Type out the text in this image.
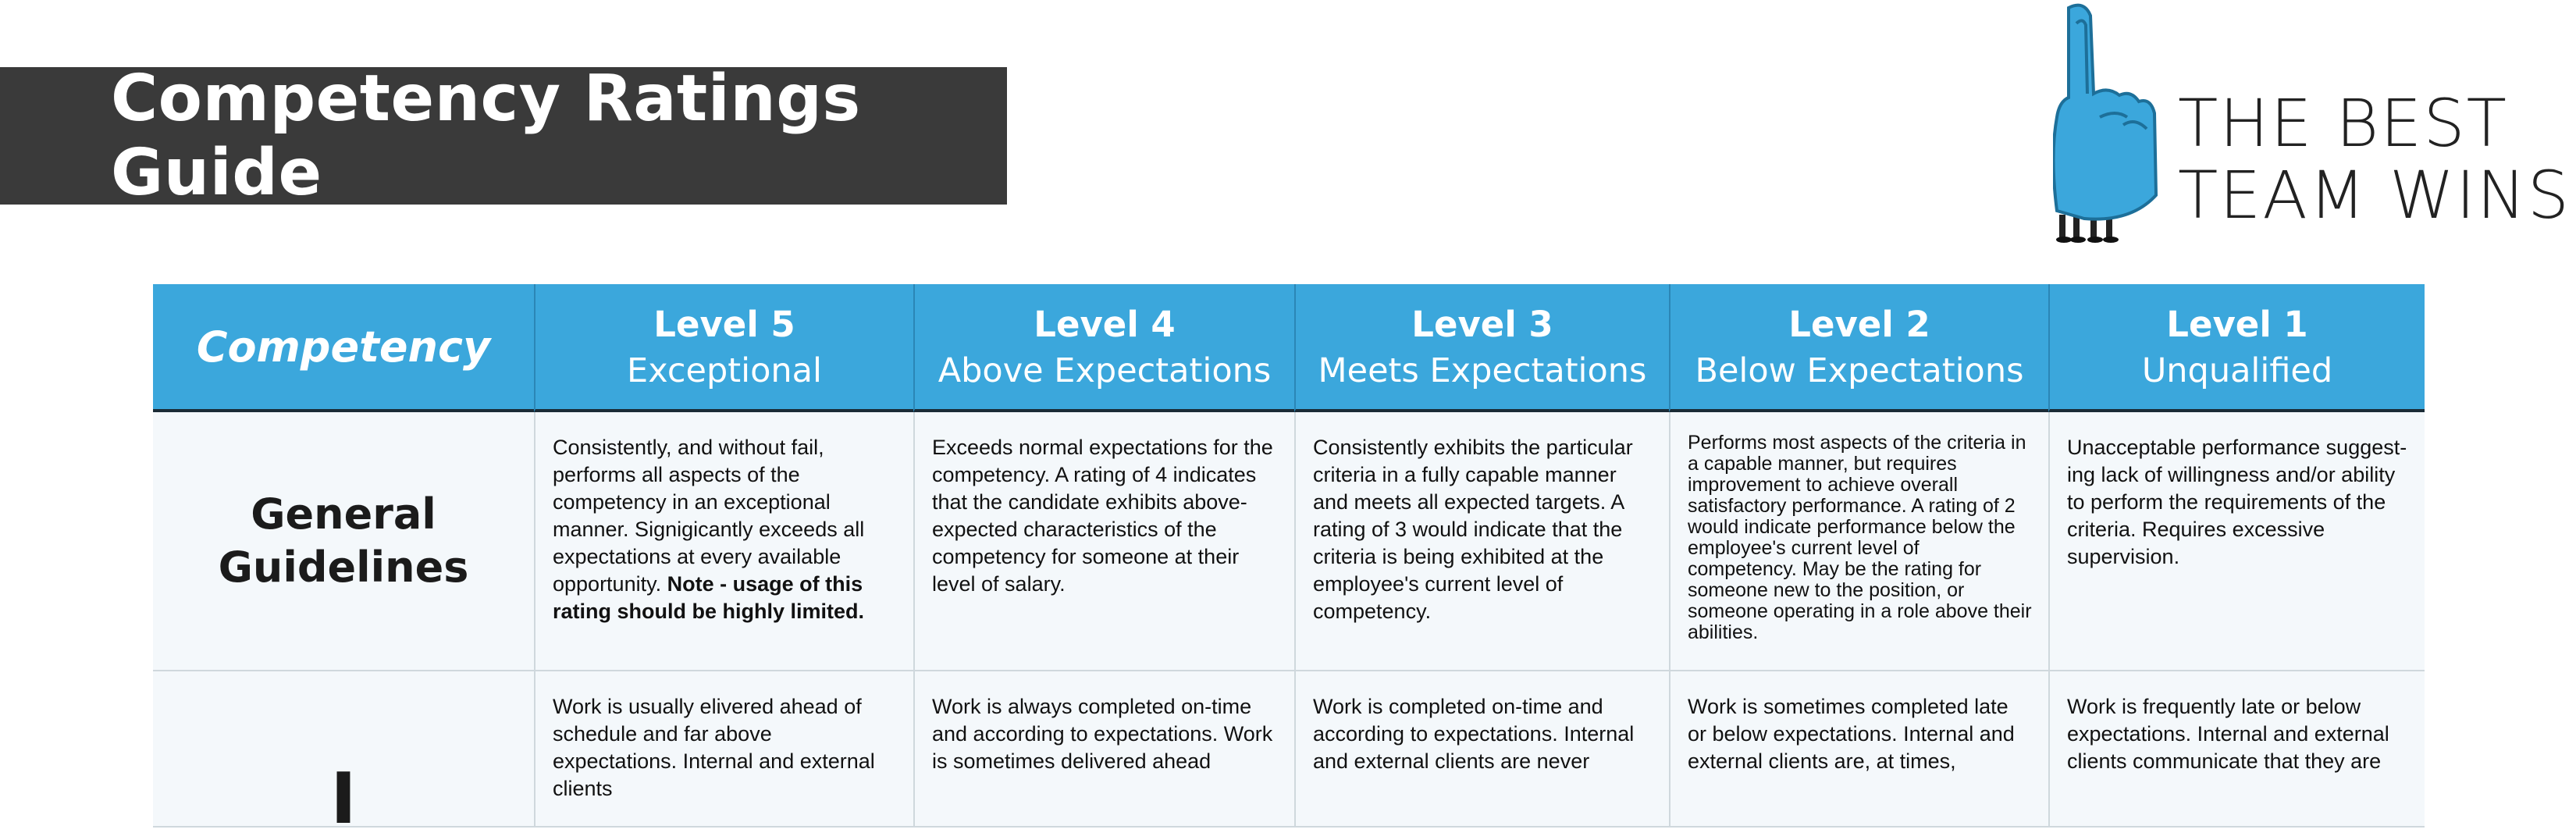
Competency Ratings Guide
THE BEST
TEAM WINS
Competency	Level 5
Exceptional
Level 4
Above Expectations
Level 3
Meets Expectations
Level 2
Below Expectations
Level 1
Unqualified
General Guidelines
Consistently, and without fail, performs all aspects of the competency in an exceptional manner. Signigicantly exceeds all expectations at every available opportunity. Note - usage of this rating should be highly limited.
Exceeds normal expectations for the competency. A rating of 4 indicates that the candidate exhibits above-expected characteristics of the competency for someone at their level of salary.
Consistently exhibits the particular criteria in a fully capable manner and meets all expected targets. A rating of 3 would indicate that the criteria is being exhibited at the employee's current level of competency.
Performs most aspects of the criteria in a capable manner, but requires improvement to achieve overall satisfactory performance. A rating of 2 would indicate performance below the employee's current level of competency. May be the rating for someone new to the position, or someone operating in a role above their abilities.
Unacceptable performance suggest-ing lack of willingness and/or ability to perform the requirements of the criteria. Requires excessive supervision.
I
Work is usually elivered ahead of schedule and far above expectations. Internal and external clients
Work is always completed on-time and according to expectations. Work is sometimes delivered ahead
Work is completed on-time and according to expectations. Internal and external clients are never
Work is sometimes completed late or below expectations. Internal and external clients are, at times,
Work is frequently late or below expectations. Internal and external clients communicate that they are
